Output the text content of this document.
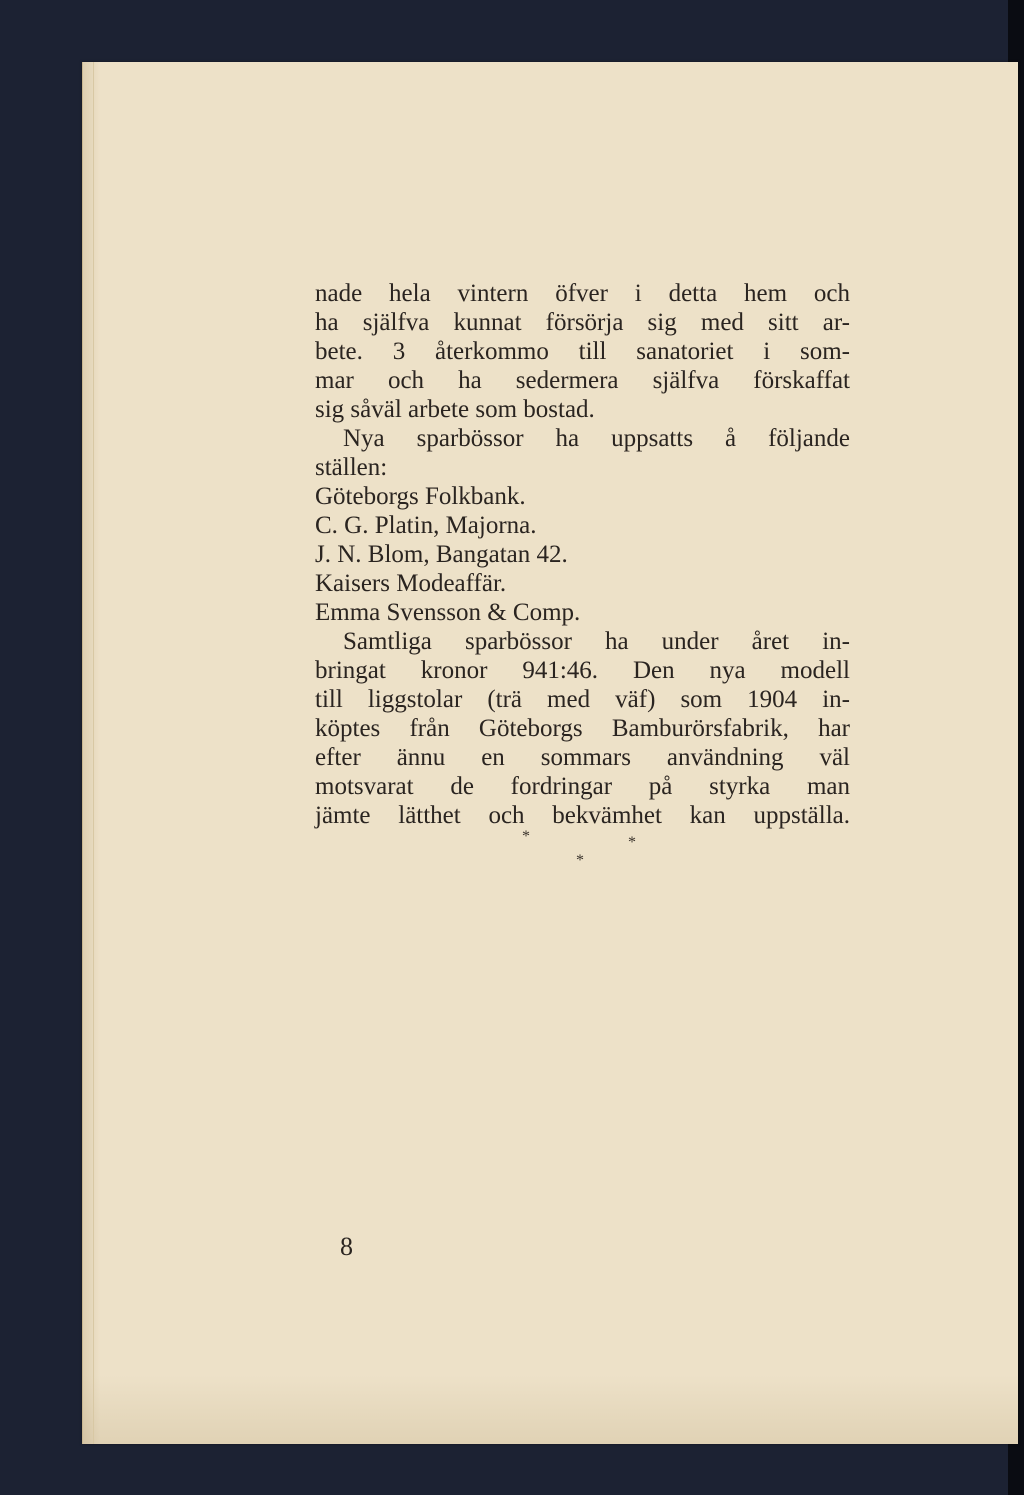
nade hela vintern öfver i detta hem och
ha själfva kunnat försörja sig med sitt ar-
bete. 3 återkommo till sanatoriet i som-
mar och ha sedermera själfva förskaffat
sig såväl arbete som bostad.
Nya sparbössor ha uppsatts å följande
ställen:
Göteborgs Folkbank.
C. G. Platin, Majorna.
J. N. Blom, Bangatan 42.
Kaisers Modeaffär.
Emma Svensson & Comp.
Samtliga sparbössor ha under året in-
bringat kronor 941:46. Den nya modell
till liggstolar (trä med väf) som 1904 in-
köptes från Göteborgs Bamburörsfabrik, har
efter ännu en sommars användning väl
motsvarat de fordringar på styrka man
jämte lätthet och bekvämhet kan uppställa.
*	*
*
8
